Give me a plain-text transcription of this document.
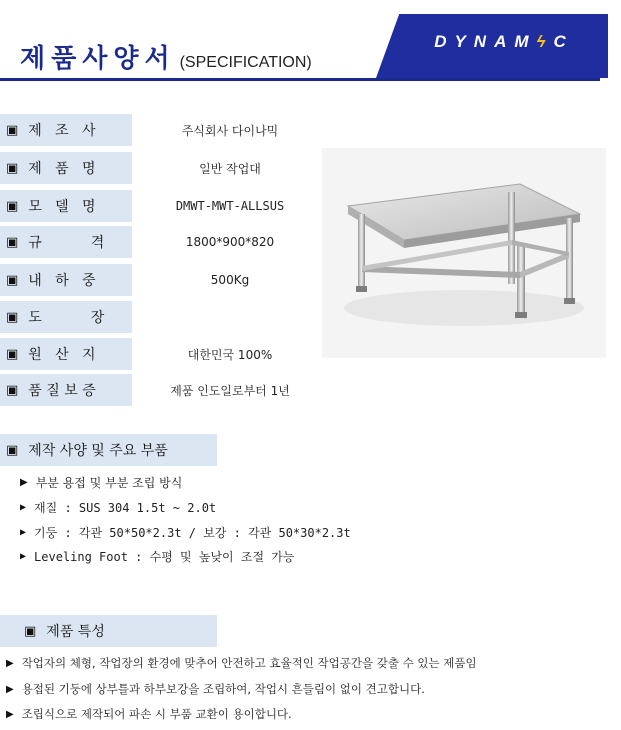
제품사양서 (SPECIFICATION)
DYNAMϟC
▣ 제   조   사	주식회사 다이나믹
▣ 제   품   명	일반 작업대
▣ 모   델   명	DMWT-MWT-ALLSUS
▣ 규           격	1800*900*820
▣ 내   하   중	500Kg
▣ 도           장
▣ 원   산   지	대한민국 100%
▣ 품 질 보 증	제품 인도일로부터 1년
▣ 제작 사양 및 주요 부품
▶ 부분 용접 및 부분 조립 방식
▶ 재질 : SUS 304 1.5t ~ 2.0t
▶ 기둥 : 각관 50*50*2.3t / 보강 : 각관 50*30*2.3t
▶ Leveling Foot : 수평 및 높낮이 조절 가능
▣ 제품 특성
▶ 작업자의 체형, 작업장의 환경에 맞추어 안전하고 효율적인 작업공간을 갖출 수 있는 제품임
▶ 용접된 기둥에 상부틀과 하부보강을 조립하여, 작업시 흔들림이 없이 견고합니다.
▶ 조립식으로 제작되어 파손 시 부품 교환이 용이합니다.
